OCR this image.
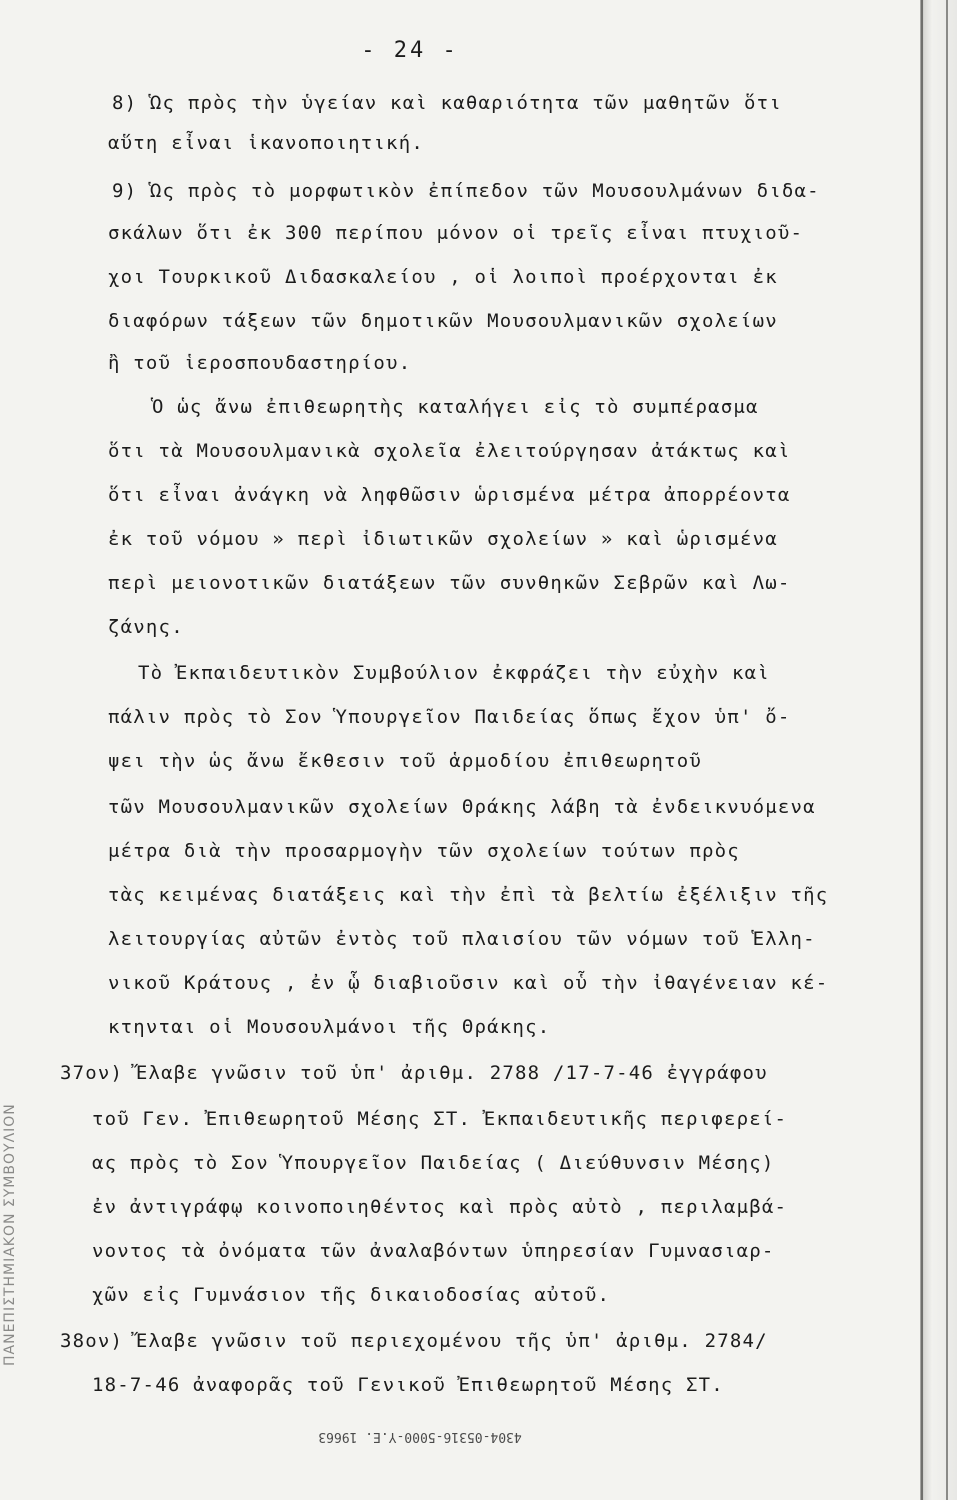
- 24 -
8) Ὡς πρὸς τὴν ὑγείαν καὶ καθαριότητα τῶν μαθητῶν ὅτι
αὕτη εἶναι ἱκανοποιητική.
9) Ὡς πρὸς τὸ μορφωτικὸν ἐπίπεδον τῶν Μουσουλμάνων διδα-
σκάλων ὅτι ἐκ 300 περίπου μόνον οἱ τρεῖς εἶναι πτυχιοῦ-
χοι Τουρκικοῦ Διδασκαλείου , οἱ λοιποὶ προέρχονται ἐκ
διαφόρων τάξεων τῶν δημοτικῶν Μουσουλμανικῶν σχολείων
ἢ τοῦ ἱεροσπουδαστηρίου.
Ὁ ὡς ἄνω ἐπιθεωρητὴς καταλήγει εἰς τὸ συμπέρασμα
ὅτι τὰ Μουσουλμανικὰ σχολεῖα ἐλειτούργησαν ἀτάκτως καὶ
ὅτι εἶναι ἀνάγκη νὰ ληφθῶσιν ὡρισμένα μέτρα ἀπορρέοντα
ἐκ τοῦ νόμου » περὶ ἰδιωτικῶν σχολείων » καὶ ὡρισμένα
περὶ μειονοτικῶν διατάξεων τῶν συνθηκῶν Σεβρῶν καὶ Λω-
ζάνης.
Τὸ Ἐκπαιδευτικὸν Συμβούλιον ἐκφράζει τὴν εὐχὴν καὶ
πάλιν πρὸς τὸ Σον Ὑπουργεῖον Παιδείας ὅπως ἔχον ὑπ' ὄ-
ψει τὴν ὡς ἄνω ἔκθεσιν τοῦ ἁρμοδίου ἐπιθεωρητοῦ
τῶν Μουσουλμανικῶν σχολείων Θράκης λάβη τὰ ἐνδεικνυόμενα
μέτρα διὰ τὴν προσαρμογὴν τῶν σχολείων τούτων πρὸς
τὰς κειμένας διατάξεις καὶ τὴν ἐπὶ τὰ βελτίω ἐξέλιξιν τῆς
λειτουργίας αὐτῶν ἐντὸς τοῦ πλαισίου τῶν νόμων τοῦ Ἑλλη-
νικοῦ Κράτους , ἐν ᾧ διαβιοῦσιν καὶ οὗ τὴν ἰθαγένειαν κέ-
κτηνται οἱ Μουσουλμάνοι τῆς Θράκης.
37ον) Ἔλαβε γνῶσιν τοῦ ὑπ' ἀριθμ. 2788 /17-7-46 ἐγγράφου
τοῦ Γεν. Ἐπιθεωρητοῦ Μέσης ΣΤ. Ἐκπαιδευτικῆς περιφερεί-
ας πρὸς τὸ Σον Ὑπουργεῖον Παιδείας ( Διεύθυνσιν Μέσης)
ἐν ἀντιγράφῳ κοινοποιηθέντος καὶ πρὸς αὐτὸ , περιλαμβά-
νοντος τὰ ὀνόματα τῶν ἀναλαβόντων ὑπηρεσίαν Γυμνασιαρ-
χῶν εἰς Γυμνάσιον τῆς δικαιοδοσίας αὐτοῦ.
38ον) Ἔλαβε γνῶσιν τοῦ περιεχομένου τῆς ὑπ' ἀριθμ. 2784/
18-7-46 ἀναφορᾶς τοῦ Γενικοῦ Ἐπιθεωρητοῦ Μέσης ΣΤ.
ΠΑΝΕΠΙΣΤΗΜΙΑΚΟΝ ΣΥΜΒΟΥΛΙΟΝ
4304-05316-5000-Y.E. 19663
